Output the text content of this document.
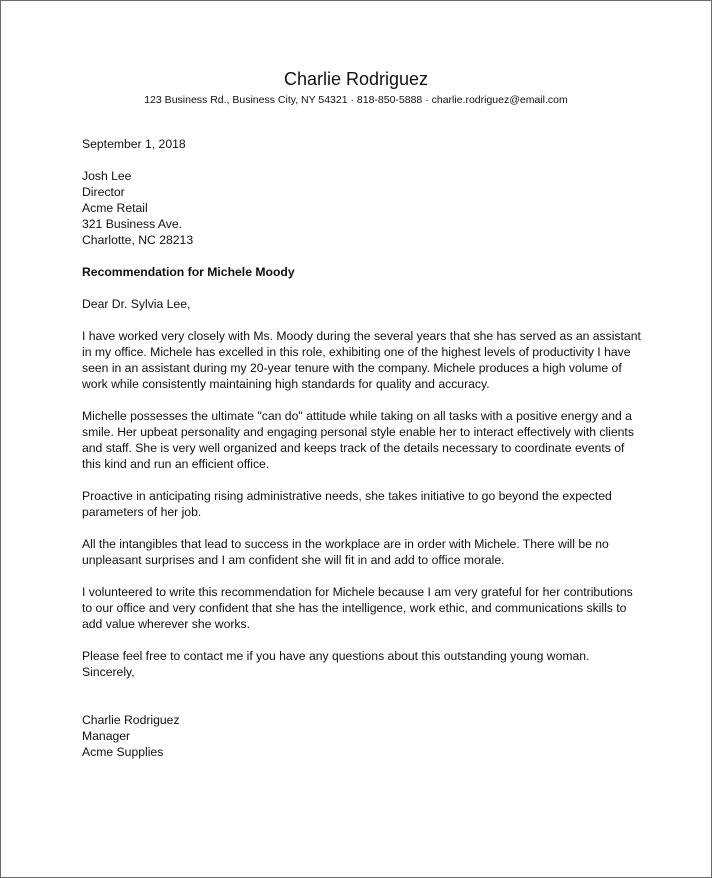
Charlie Rodriguez
123 Business Rd., Business City, NY 54321 · 818-850-5888 · charlie.rodriguez@email.com

September 1, 2018

Josh Lee
Director
Acme Retail
321 Business Ave.
Charlotte, NC 28213

Recommendation for Michele Moody

Dear Dr. Sylvia Lee,

I have worked very closely with Ms. Moody during the several years that she has served as an assistant in my office. Michele has excelled in this role, exhibiting one of the highest levels of productivity I have seen in an assistant during my 20-year tenure with the company. Michele produces a high volume of work while consistently maintaining high standards for quality and accuracy.

Michelle possesses the ultimate "can do" attitude while taking on all tasks with a positive energy and a smile. Her upbeat personality and engaging personal style enable her to interact effectively with clients and staff. She is very well organized and keeps track of the details necessary to coordinate events of this kind and run an efficient office.

Proactive in anticipating rising administrative needs, she takes initiative to go beyond the expected parameters of her job.

All the intangibles that lead to success in the workplace are in order with Michele. There will be no unpleasant surprises and I am confident she will fit in and add to office morale.

I volunteered to write this recommendation for Michele because I am very grateful for her contributions to our office and very confident that she has the intelligence, work ethic, and communications skills to add value wherever she works.

Please feel free to contact me if you have any questions about this outstanding young woman.

Sincerely,

Charlie Rodriguez
Manager
Acme Supplies
